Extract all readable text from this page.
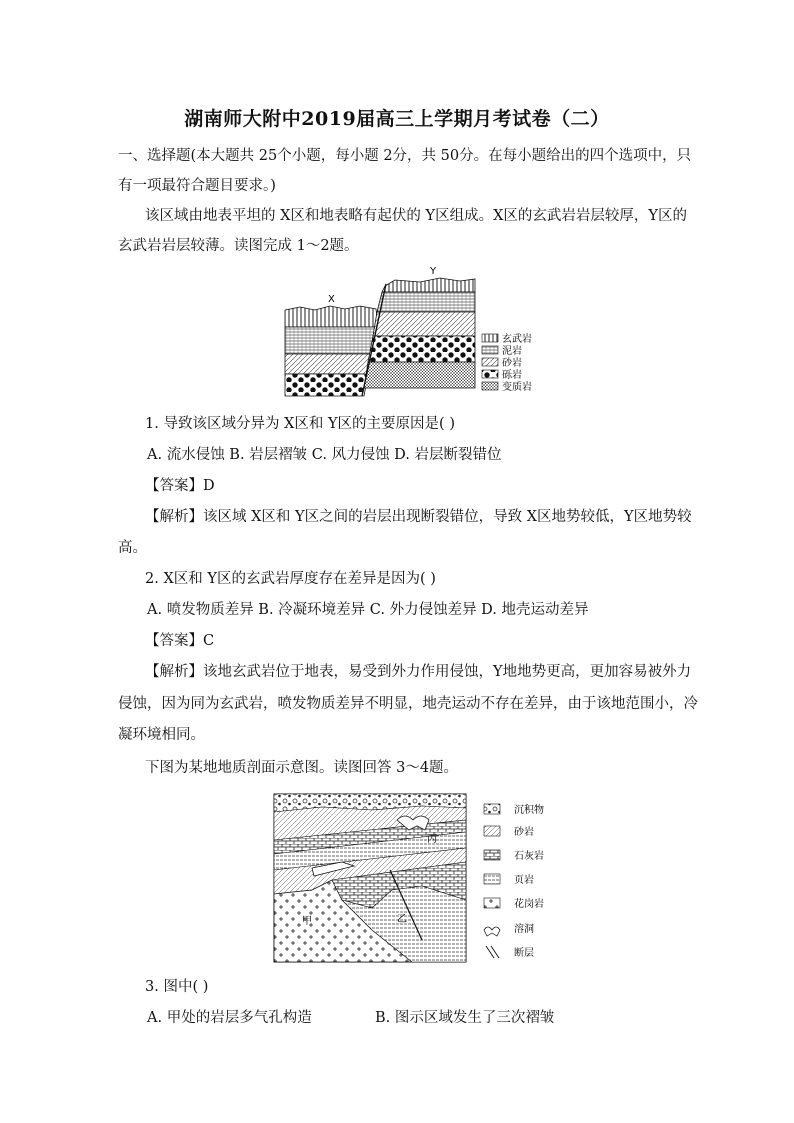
湖南师大附中2019届高三上学期月考试卷（二）
一、选择题(本大题共 25个小题，每小题 2分，共 50分。在每小题给出的四个选项中，只
有一项最符合题目要求。)
该区域由地表平坦的 X区和地表略有起伏的 Y区组成。X区的玄武岩岩层较厚，Y区的
玄武岩岩层较薄。读图完成 1～2题。
X
Y
玄武岩
泥岩
砂岩
砾岩
变质岩
1. 导致该区域分异为 X区和 Y区的主要原因是( )
A. 流水侵蚀 B. 岩层褶皱 C. 风力侵蚀 D. 岩层断裂错位
【答案】D
【解析】该区域 X区和 Y区之间的岩层出现断裂错位，导致 X区地势较低，Y区地势较
高。
2. X区和 Y区的玄武岩厚度存在差异是因为( )
A. 喷发物质差异 B. 冷凝环境差异 C. 外力侵蚀差异 D. 地壳运动差异
【答案】C
【解析】该地玄武岩位于地表，易受到外力作用侵蚀，Y地地势更高，更加容易被外力
侵蚀，因为同为玄武岩，喷发物质差异不明显，地壳运动不存在差异，由于该地范围小，冷
凝环境相同。
下图为某地地质剖面示意图。读图回答 3～4题。
丙
甲	乙
沉积物
砂岩
石灰岩
页岩
花岗岩
溶洞
断层
3. 图中( )
A. 甲处的岩层多气孔构造	B. 图示区域发生了三次褶皱
